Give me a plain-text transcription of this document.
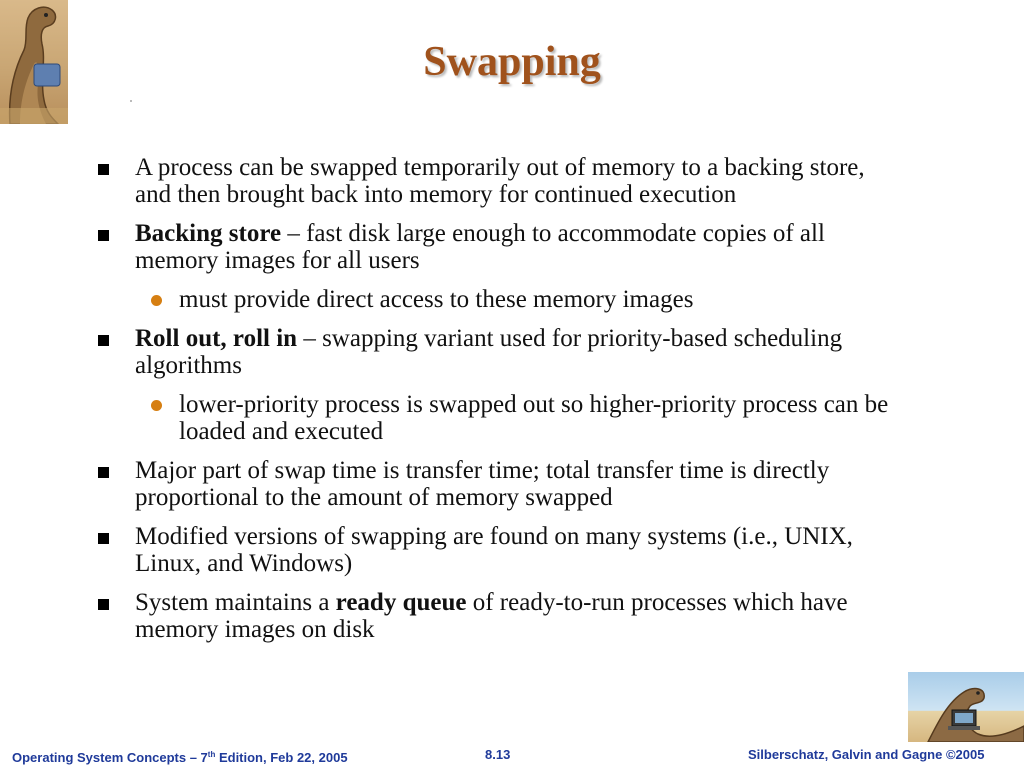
Swapping
A process can be swapped temporarily out of memory to a backing store, and then brought back into memory for continued execution
Backing store – fast disk large enough to accommodate copies of all memory images for all users
must provide direct access to these memory images
Roll out, roll in – swapping variant used for priority-based scheduling algorithms
lower-priority process is swapped out so higher-priority process can be loaded and executed
Major part of swap time is transfer time; total transfer time is directly proportional to the amount of memory swapped
Modified versions of swapping are found on many systems (i.e., UNIX, Linux, and Windows)
System maintains a ready queue of ready-to-run processes which have memory images on disk
Operating System Concepts – 7th Edition, Feb 22, 2005	8.13	Silberschatz, Galvin and Gagne ©2005
